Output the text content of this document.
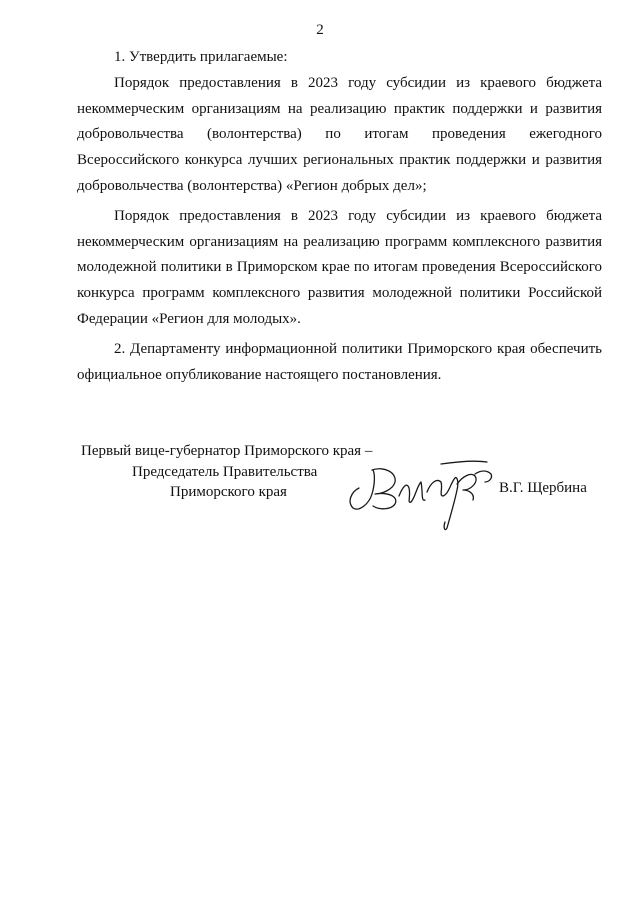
2

1. Утвердить прилагаемые:

Порядок предоставления в 2023 году субсидии из краевого бюджета некоммерческим организациям на реализацию практик поддержки и развития добровольчества (волонтерства) по итогам проведения ежегодного Всероссийского конкурса лучших региональных практик поддержки и развития добровольчества (волонтерства) «Регион добрых дел»;

Порядок предоставления в 2023 году субсидии из краевого бюджета некоммерческим организациям на реализацию программ комплексного развития молодежной политики в Приморском крае по итогам проведения Всероссийского конкурса программ комплексного развития молодежной политики Российской Федерации «Регион для молодых».

2. Департаменту информационной политики Приморского края обеспечить официальное опубликование настоящего постановления.

Первый вице-губернатор Приморского края –
Председатель Правительства
Приморского края	В.Г. Щербина
